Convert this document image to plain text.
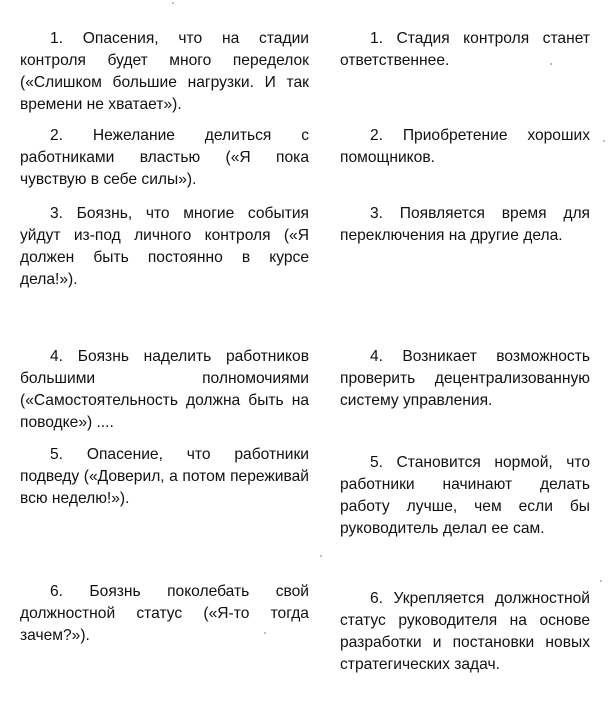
1. Опасения, что на стадии контроля будет много переделок («Слишком большие нагрузки. И так времени не хватает»).

2. Нежелание делиться с работниками властью («Я пока чувствую в себе силы»).

3. Боязнь, что многие события уйдут из-под личного контроля («Я должен быть постоянно в курсе дела!»).

4. Боязнь наделить работников большими полномочиями («Самостоятельность должна быть на поводке») ....

5. Опасение, что работники подведу («Доверил, а потом переживай всю неделю!»).

6. Боязнь поколебать свой должностной статус («Я-то тогда зачем?»).

1. Стадия контроля станет ответственнее.

2. Приобретение хороших помощников.

3. Появляется время для переключения на другие дела.

4. Возникает возможность проверить децентрализованную систему управления.

5. Становится нормой, что работники начинают делать работу лучше, чем если бы руководитель делал ее сам.

6. Укрепляется должностной статус руководителя на основе разработки и постановки новых стратегических задач.
